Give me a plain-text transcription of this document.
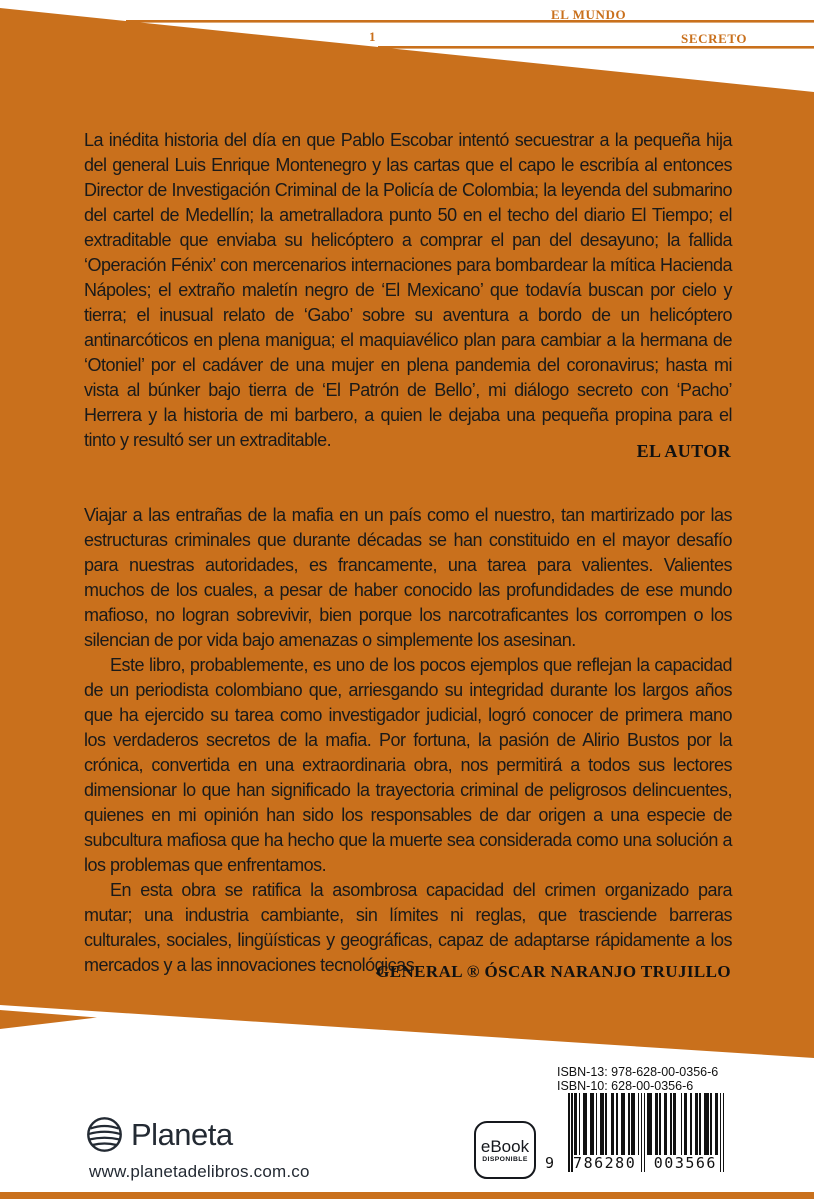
EL MUNDO
1	SECRETO

La inédita historia del día en que Pablo Escobar intentó secuestrar a la pequeña hija del general Luis Enrique Montenegro y las cartas que el capo le escribía al entonces Director de Investigación Criminal de la Policía de Colombia; la leyenda del submarino del cartel de Medellín; la ametralladora punto 50 en el techo del diario El Tiempo; el extraditable que enviaba su helicóptero a comprar el pan del desayuno; la fallida ‘Operación Fénix’ con mercenarios internaciones para bombardear la mítica Hacienda Nápoles; el extraño maletín negro de ‘El Mexicano’ que todavía buscan por cielo y tierra; el inusual relato de ‘Gabo’ sobre su aventura a bordo de un helicóptero antinarcóticos en plena manigua; el maquiavélico plan para cambiar a la hermana de ‘Otoniel’ por el cadáver de una mujer en plena pandemia del coronavirus; hasta mi vista al búnker bajo tierra de ‘El Patrón de Bello’, mi diálogo secreto con ‘Pacho’ Herrera y la historia de mi barbero, a quien le dejaba una pequeña propina para el tinto y resultó ser un extraditable.

EL AUTOR

Viajar a las entrañas de la mafia en un país como el nuestro, tan martirizado por las estructuras criminales que durante décadas se han constituido en el mayor desafío para nuestras autoridades, es francamente, una tarea para valientes. Valientes muchos de los cuales, a pesar de haber conocido las profundidades de ese mundo mafioso, no logran sobrevivir, bien porque los narcotraficantes los corrompen o los silencian de por vida bajo amenazas o simplemente los asesinan.

Este libro, probablemente, es uno de los pocos ejemplos que reflejan la capacidad de un periodista colombiano que, arriesgando su integridad durante los largos años que ha ejercido su tarea como investigador judicial, logró conocer de primera mano los verdaderos secretos de la mafia. Por fortuna, la pasión de Alirio Bustos por la crónica, convertida en una extraordinaria obra, nos permitirá a todos sus lectores dimensionar lo que han significado la trayectoria criminal de peligrosos delincuentes, quienes en mi opinión han sido los responsables de dar origen a una especie de subcultura mafiosa que ha hecho que la muerte sea considerada como una solución a los problemas que enfrentamos.

En esta obra se ratifica la asombrosa capacidad del crimen organizado para mutar; una industria cambiante, sin límites ni reglas, que trasciende barreras culturales, sociales, lingüísticas y geográficas, capaz de adaptarse rápidamente a los mercados y a las innovaciones tecnológicas.

GENERAL ® ÓSCAR NARANJO TRUJILLO
Planeta
www.planetadelibros.com.co
eBook
DISPONIBLE
ISBN-13: 978-628-00-0356-6
ISBN-10: 628-00-0356-6
9 786280 003566
